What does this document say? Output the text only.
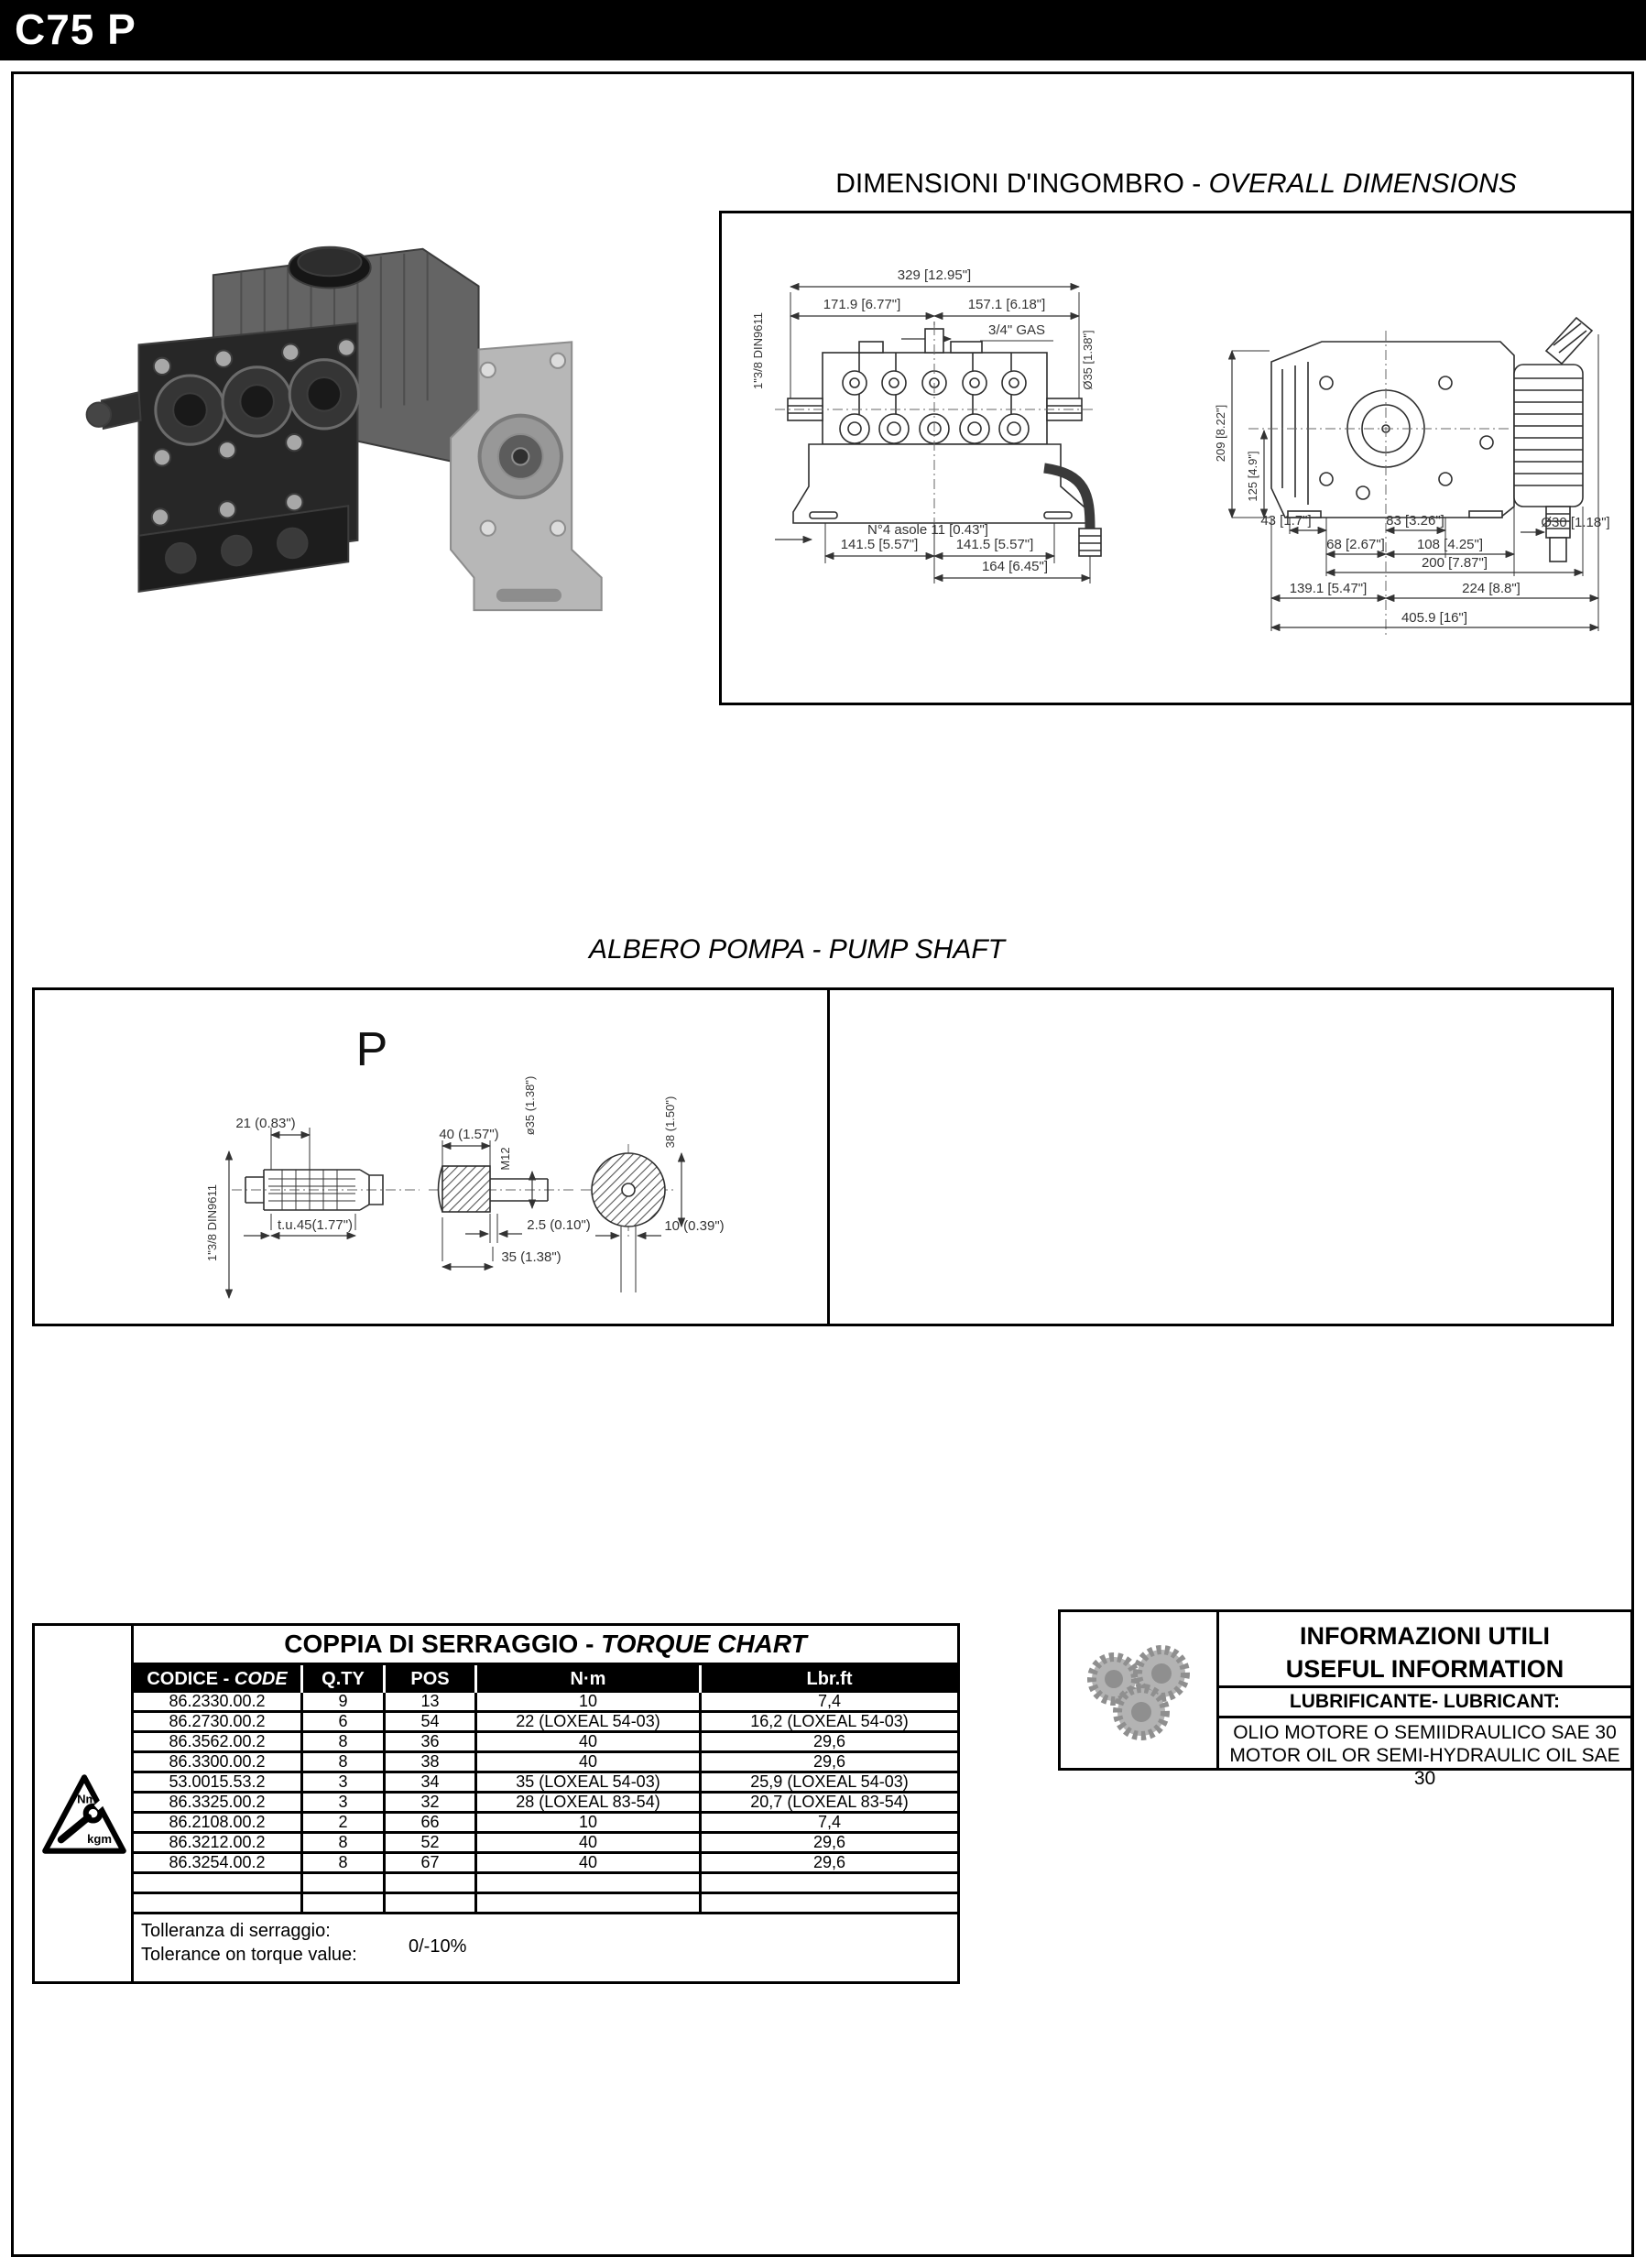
C75 P
DIMENSIONI D'INGOMBRO - OVERALL DIMENSIONS
329 [12.95"]
171.9 [6.77"]	157.1 [6.18"]
3/4" GAS
1"3/8 DIN9611	Ø35 [1.38"]
N°4 asole 11 [0.43"]
141.5 [5.57"]	141.5 [5.57"]
164 [6.45"]
209 [8.22"]
125 [4.9"]
43 [1.7"]	83 [3.26"]	Ø30 [1.18"]
68 [2.67"] 108 [4.25"]
200 [7.87"]
139.1 [5.47"]	224 [8.8"]
405.9 [16"]
ALBERO POMPA - PUMP SHAFT
P
21 (0.83")
t.u.45(1.77")
1"3/8 DIN9611
40 (1.57")
M12
ø35 (1.38")
2.5 (0.10")
35 (1.38")
38 (1.50")
10 (0.39")
Nm
kgm
COPPIA DI SERRAGGIO - TORQUE CHART
CODICE - CODE	Q.TY	POS	N·m	Lbr.ft
86.2330.00.2	9	13	10	7,4
86.2730.00.2	6	54	22 (LOXEAL 54-03)	16,2 (LOXEAL 54-03)
86.3562.00.2	8	36	40	29,6
86.3300.00.2	8	38	40	29,6
53.0015.53.2	3	34	35 (LOXEAL 54-03)	25,9 (LOXEAL 54-03)
86.3325.00.2	3	32	28 (LOXEAL 83-54)	20,7 (LOXEAL 83-54)
86.2108.00.2	2	66	10	7,4
86.3212.00.2	8	52	40	29,6
86.3254.00.2	8	67	40	29,6
Tolleranza di serraggio:
Tolerance on torque value:	0/-10%
INFORMAZIONI UTILI
USEFUL INFORMATION
LUBRIFICANTE- LUBRICANT:
OLIO MOTORE O SEMIIDRAULICO SAE 30
MOTOR OIL OR SEMI-HYDRAULIC OIL SAE 30
